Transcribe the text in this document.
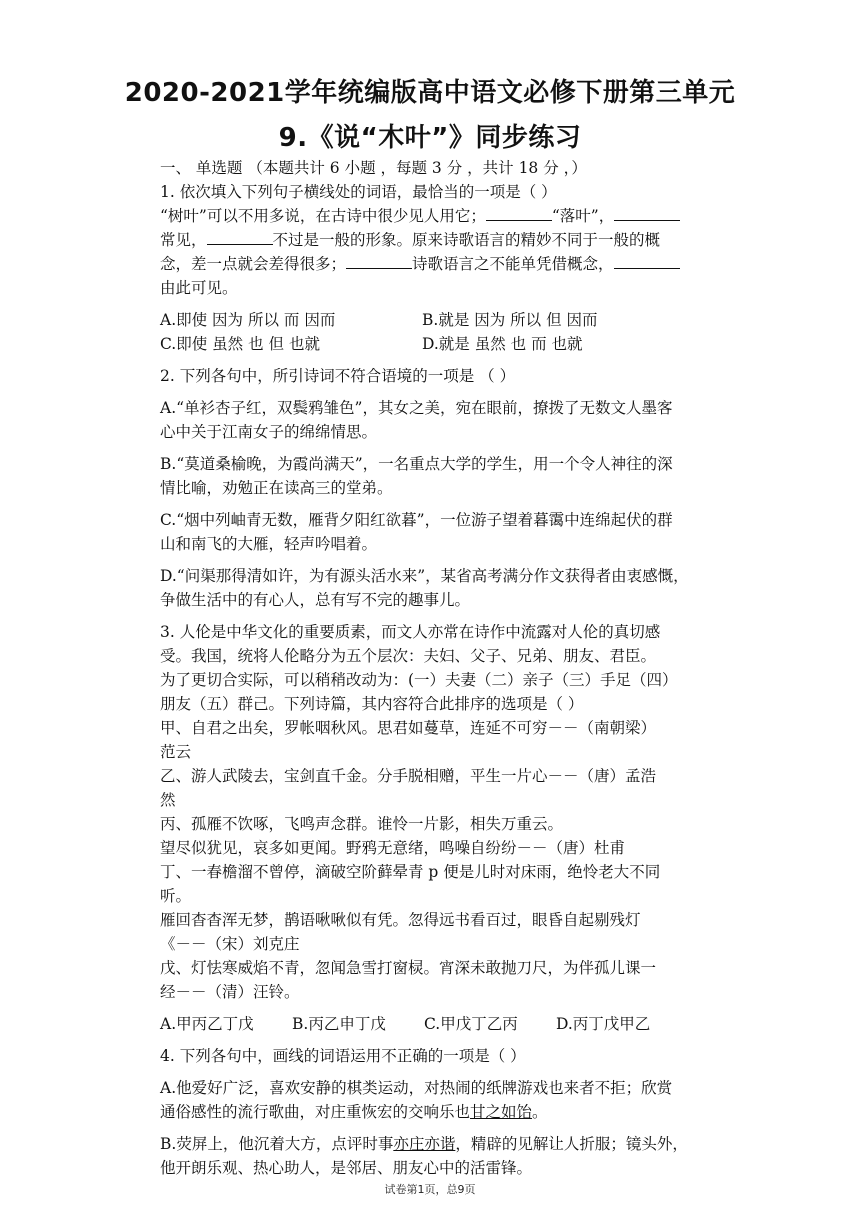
2020-2021学年统编版高中语文必修下册第三单元
9.《说“木叶”》同步练习

一、 单选题 （本题共计 6 小题 ，每题 3 分 ，共计 18 分 ，）

1. 依次填入下列句子横线处的词语，最恰当的一项是（ ）

“树叶”可以不用多说，在古诗中很少见人用它；	“落叶”，

常见，	不过是一般的形象。原来诗歌语言的精妙不同于一般的概

念，差一点就会差得很多；	诗歌语言之不能单凭借概念，

由此可见。

A.即使 因为 所以 而 因而	B.就是 因为 所以 但 因而
C.即使 虽然 也 但 也就	D.就是 虽然 也 而 也就

2. 下列各句中，所引诗词不符合语境的一项是 （ ）

A.“单衫杏子红，双鬓鸦雏色”，其女之美，宛在眼前，撩拨了无数文人墨客

心中关于江南女子的绵绵情思。

B.“莫道桑榆晚，为霞尚满天”，一名重点大学的学生，用一个令人神往的深

情比喻，劝勉正在读高三的堂弟。

C.“烟中列岫青无数，雁背夕阳红欲暮”，一位游子望着暮霭中连绵起伏的群

山和南飞的大雁，轻声吟唱着。

D.“问渠那得清如许，为有源头活水来”，某省高考满分作文获得者由衷感慨，

争做生活中的有心人，总有写不完的趣事儿。

3. 人伦是中华文化的重要质素，而文人亦常在诗作中流露对人伦的真切感

受。我国，统将人伦略分为五个层次：夫妇、父子、兄弟、朋友、君臣。

为了更切合实际，可以稍稍改动为：(一）夫妻（二）亲子（三）手足（四）

朋友（五）群己。下列诗篇，其内容符合此排序的选项是（ ）

甲、自君之出矣，罗帐咽秋风。思君如蔓草，连延不可穷－－（南朝梁）

范云

乙、游人武陵去，宝剑直千金。分手脱相赠，平生一片心－－（唐）孟浩

然

丙、孤雁不饮啄，飞鸣声念群。谁怜一片影，相失万重云。

望尽似犹见，哀多如更闻。野鸦无意绪，鸣噪自纷纷－－（唐）杜甫

丁、一春檐溜不曾停，滴破空阶藓晕青 p 便是儿时对床雨，绝怜老大不同

听。

雁回杳杳浑无梦，鹊语啾啾似有凭。忽得远书看百过，眼昏自起剔残灯

《－－（宋）刘克庄

戊、灯怯寒威焰不青，忽闻急雪打窗棂。宵深未敢抛刀尺，为伴孤儿课一

经－－（清）汪铃。

A.甲丙乙丁戊	B.丙乙申丁戊	C.甲戊丁乙丙	D.丙丁戊甲乙

4. 下列各句中，画线的词语运用不正确的一项是（ ）

A.他爱好广泛，喜欢安静的棋类运动，对热闹的纸牌游戏也来者不拒；欣赏

通俗感性的流行歌曲，对庄重恢宏的交响乐也甘之如饴。

B.荧屏上，他沉着大方，点评时事亦庄亦谐，精辟的见解让人折服；镜头外，

他开朗乐观、热心助人，是邻居、朋友心中的活雷锋。

试卷第1页，总9页
